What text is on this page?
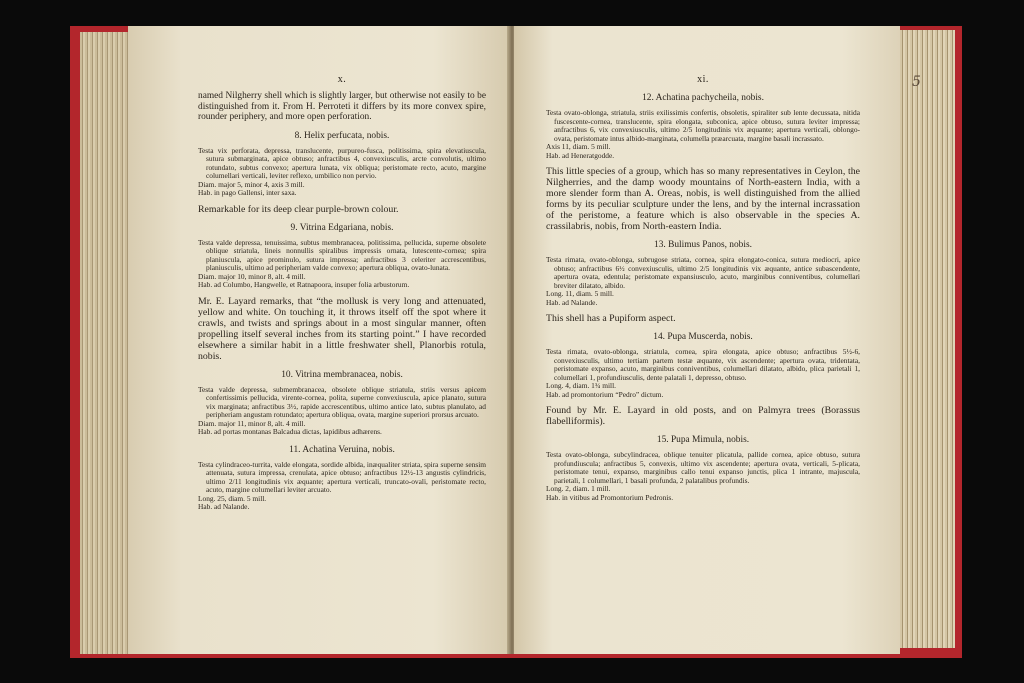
x.

named Nilgherry shell which is slightly larger, but otherwise not easily to be distinguished from it. From H. Perroteti it differs by its more convex spire, rounder periphery, and more open perforation.

8. Helix perfucata, nobis.

Testa vix perforata, depressa, translucente, purpureo-fusca, politissima, spira elevatiuscula, sutura submarginata, apice obtuso; anfractibus 4, convexiusculis, arcte convolutis, ultimo rotundato, subtus convexo; apertura lunata, vix obliqua; peristomate recto, acuto, margine columellari verticali, leviter reflexo, umbilico non pervio.

Diam. major 5, minor 4, axis 3 mill.

Hab. in pago Gallensi, inter saxa.

Remarkable for its deep clear purple-brown colour.

9. Vitrina Edgariana, nobis.

Testa valde depressa, tenuissima, subtus membranacea, politissima, pellucida, superne obsolete oblique striatula, lineis nonnullis spiralibus impressis ornata, lutescente-cornea; spira planiuscula, apice prominulo, sutura impressa; anfractibus 3 celeriter accrescentibus, planiusculis, ultimo ad peripheriam valde convexo; apertura obliqua, ovato-lunata.

Diam. major 10, minor 8, alt. 4 mill.

Hab. ad Columbo, Hangwelle, et Ratnapoora, insuper folia arbustorum.

Mr. E. Layard remarks, that “the mollusk is very long and attenuated, yellow and white. On touching it, it throws itself off the spot where it crawls, and twists and springs about in a most singular manner, often propelling itself several inches from its starting point.” I have recorded elsewhere a similar habit in a little freshwater shell, Planorbis rotula, nobis.

10. Vitrina membranacea, nobis.

Testa valde depressa, submembranacea, obsolete oblique striatula, striis versus apicem confertissimis pellucida, virente-cornea, polita, superne convexiuscula, apice planato, sutura vix marginata; anfractibus 3½, rapide accrescentibus, ultimo antice lato, subtus planulato, ad peripheriam angustam rotundato; apertura obliqua, ovata, margine superiori prorsus arcuato.

Diam. major 11, minor 8, alt. 4 mill.

Hab. ad portas montanas Balcadua dictas, lapidibus adhærens.

11. Achatina Veruina, nobis.

Testa cylindraceo-turrita, valde elongata, sordide albida, inæqualiter striata, spira superne sensim attenuata, sutura impressa, crenulata, apice obtuso; anfractibus 12½-13 angustis cylindricis, ultimo 2/11 longitudinis vix æquante; apertura verticali, truncato-ovali, peristomate recto, acuto, margine columellari leviter arcuato.

Long. 25, diam. 5 mill.

Hab. ad Nalande.

xi.

12. Achatina pachycheila, nobis.

Testa ovato-oblonga, striatula, striis exilissimis confertis, obsoletis, spiraliter sub lente decussata, nitida fuscescente-cornea, translucente, spira elongata, subconica, apice obtuso, sutura leviter impressa; anfractibus 6, vix convexiusculis, ultimo 2/5 longitudinis vix æquante; apertura verticali, oblongo-ovata, peristomate intus albido-marginata, columella præarcuata, margine basali incrassato.

Axis 11, diam. 5 mill.

Hab. ad Heneratgodde.

This little species of a group, which has so many representatives in Ceylon, the Nilgherries, and the damp woody mountains of North-eastern India, with a more slender form than A. Oreas, nobis, is well distinguished from the allied forms by its peculiar sculpture under the lens, and by the internal incrassation of the peristome, a feature which is also observable in the species A. crassilabris, nobis, from North-eastern India.

13. Bulimus Panos, nobis.

Testa rimata, ovato-oblonga, subrugose striata, cornea, spira elongato-conica, sutura mediocri, apice obtuso; anfractibus 6½ convexiusculis, ultimo 2/5 longitudinis vix æquante, antice subascendente, apertura ovata, edentula; peristomate expansiusculo, acuto, marginibus conniventibus, columellari breviter dilatato, albido.

Long. 11, diam. 5 mill.

Hab. ad Nalande.

This shell has a Pupiform aspect.

14. Pupa Muscerda, nobis.

Testa rimata, ovato-oblonga, striatula, cornea, spira elongata, apice obtuso; anfractibus 5½-6, convexiusculis, ultimo tertiam partem testæ æquante, vix ascendente; apertura ovata, tridentata, peristomate expanso, acuto, marginibus conniventibus, columellari dilatato, albido, plica parietali 1, columellari 1, profundiusculis, dente palatali 1, depresso, obtuso.

Long. 4, diam. 1¾ mill.

Hab. ad promontorium “Pedro” dictum.

Found by Mr. E. Layard in old posts, and on Palmyra trees (Borassus flabelliformis).

15. Pupa Mimula, nobis.

Testa ovato-oblonga, subcylindracea, oblique tenuiter plicatula, pallide cornea, apice obtuso, sutura profundiuscula; anfractibus 5, convexis, ultimo vix ascendente; apertura ovata, verticali, 5-plicata, peristomate tenui, expanso, marginibus callo tenui expanso junctis, plica 1 intrante, majuscula, parietali, 1 columellari, 1 basali profunda, 2 palatalibus profundis.

Long. 2, diam. 1 mill.

Hab. in vitibus ad Promontorium Pedronis.

5
